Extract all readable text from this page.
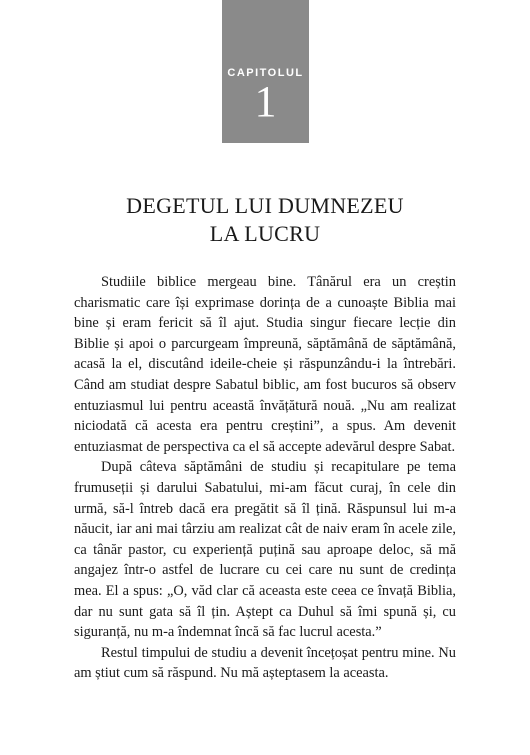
CAPITOLUL
1
DEGETUL LUI DUMNEZEU
LA LUCRU

Studiile biblice mergeau bine. Tânărul era un creștin charismatic care își exprimase dorința de a cunoaște Biblia mai bine și eram fericit să îl ajut. Studia singur fiecare lecție din Biblie și apoi o parcurgeam împreună, săptămână de săptămână, acasă la el, discutând ideile-cheie și răspunzându-i la întrebări. Când am studiat despre Sabatul biblic, am fost bucuros să observ entuziasmul lui pentru această învățătură nouă. „Nu am realizat niciodată că acesta era pentru creștini”, a spus. Am devenit entuziasmat de perspectiva ca el să accepte adevărul despre Sabat.

După câteva săptămâni de studiu și recapitulare pe tema frumuseții și darului Sabatului, mi-am făcut curaj, în cele din urmă, să-l întreb dacă era pregătit să îl țină. Răspunsul lui m-a năucit, iar ani mai târziu am realizat cât de naiv eram în acele zile, ca tânăr pastor, cu experiență puțină sau aproape deloc, să mă angajez într-o astfel de lucrare cu cei care nu sunt de credința mea. El a spus: „O, văd clar că aceasta este ceea ce învață Biblia, dar nu sunt gata să îl țin. Aștept ca Duhul să îmi spună și, cu siguranță, nu m-a îndemnat încă să fac lucrul acesta.”

Restul timpului de studiu a devenit încețoșat pentru mine. Nu am știut cum să răspund. Nu mă așteptasem la aceasta.
